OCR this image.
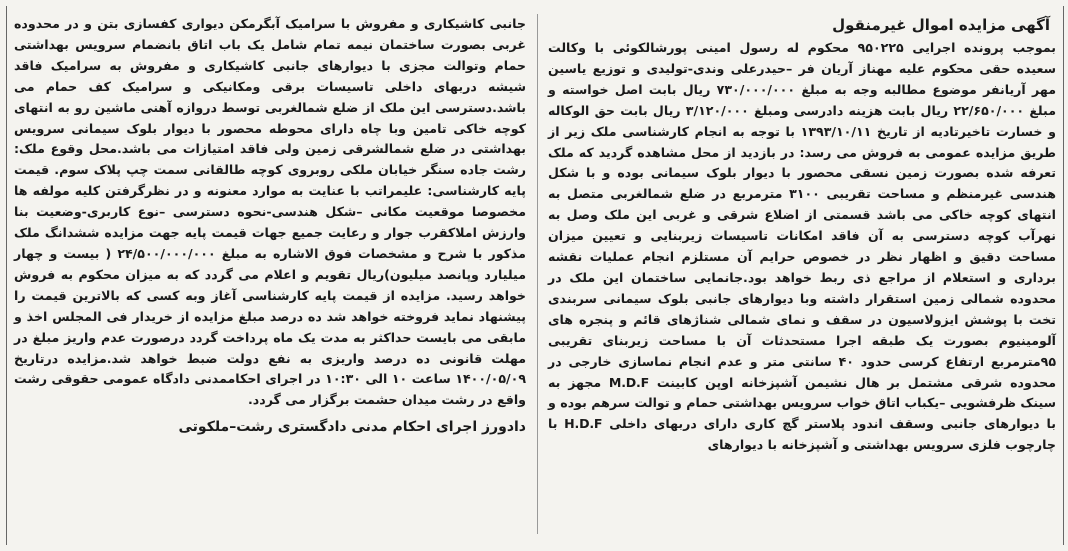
آگهی مزایده اموال غیرمنقول

بموجب پرونده اجرایی ۹۵۰۲۲۵ محکوم له رسول امینی پورشالکوئی با وکالت سعیده حقی محکوم علیه مهناز آریان فر –حیدرعلی وندی-تولیدی و توزیع یاسین مهر آریانفر موضوع مطالبه وجه به مبلغ ۷۳۰/۰۰۰/۰۰۰ ریال بابت اصل خواسته و مبلغ ۲۲/۶۵۰/۰۰۰ ریال بابت هزینه دادرسی ومبلغ ۳/۱۲۰/۰۰۰ ریال بابت حق الوکاله و خسارت تاخیرتادیه از تاریخ ۱۳۹۳/۱۰/۱۱ با توجه به انجام کارشناسی ملک زیر از طریق مزایده عمومی به فروش می رسد: در بازدید از محل مشاهده گردید که ملک تعرفه شده بصورت زمین نسقی محصور با دیوار بلوک سیمانی بوده و با شکل هندسی غیرمنظم و مساحت تقریبی ۳۱۰۰ مترمربع در ضلع شمالغربی متصل به انتهای کوچه خاکی می باشد قسمتی از اضلاع شرقی و غربی این ملک وصل به نهرآب کوچه دسترسی به آن فاقد امکانات تاسیسات زیربنایی و تعیین میزان مساحت دقیق و اظهار نظر در خصوص حرایم آن مستلزم انجام عملیات نقشه برداری و استعلام از مراجع ذی ربط خواهد بود.جانمایی ساختمان این ملک در محدوده شمالی زمین استقرار داشته وبا دیوارهای جانبی بلوک سیمانی سربندی تخت با پوشش ایزولاسیون در سقف و نمای شمالی شناژهای قائم و پنجره های آلومینیوم بصورت یک طبقه اجرا مستحدثات آن با مساحت زیربنای تقریبی ۹۵مترمربع ارتفاع کرسی حدود ۴۰ سانتی متر و عدم انجام نماسازی خارجی در محدوده شرقی مشتمل بر هال نشیمن آشپزخانه اوپن کابینت M.D.F مجهز به سینک ظرفشویی –یکباب اتاق خواب سرویس بهداشتی حمام و توالت سرهم بوده و با دیوارهای جانبی وسقف اندود پلاستر گچ کاری دارای دربهای داخلی H.D.F با چارچوب فلزی سرویس بهداشتی و آشپزخانه با دیوارهای

جانبی کاشیکاری و مفروش با سرامیک آبگرمکن دیواری کفسازی بتن و در محدوده غربی بصورت ساختمان نیمه تمام شامل یک باب اتاق بانضمام سرویس بهداشتی حمام وتوالت مجزی با دیوارهای جانبی کاشیکاری و مفروش به سرامیک فاقد شیشه دربهای داخلی تاسیسات برقی ومکانیکی و سرامیک کف حمام می باشد.دسترسی این ملک از ضلع شمالغربی توسط دروازه آهنی ماشین رو به انتهای کوچه خاکی تامین وبا چاه دارای محوطه محصور با دیوار بلوک سیمانی سرویس بهداشتی در ضلع شمالشرقی زمین ولی فاقد امتیازات می باشد.محل وقوع ملک: رشت جاده سنگر خیابان ملکی روبروی کوچه طالقانی سمت چپ پلاک سوم. قیمت پایه کارشناسی: علیمراتب با عنایت به موارد معنونه و در نظرگرفتن کلیه مولفه ها مخصوصا موقعیت مکانی –شکل هندسی-نحوه دسترسی –نوع کاربری-وضعیت بنا وارزش املاکقرب جوار و رعایت جمیع جهات قیمت پایه جهت مزایده ششدانگ ملک مذکور با شرح و مشخصات فوق الاشاره به مبلغ ۲۴/۵۰۰/۰۰۰/۰۰۰ ( بیست و چهار میلیارد وپانصد میلیون)ریال تقویم و اعلام می گردد که به میزان محکوم به فروش خواهد رسید. مزایده از قیمت پایه کارشناسی آغاز وبه کسی که بالاترین قیمت را پیشنهاد نماید فروخته خواهد شد ده درصد مبلغ مزایده از خریدار فی المجلس اخذ و مابقی می بایست حداکثر به مدت یک ماه پرداخت گردد درصورت عدم واریز مبلغ در مهلت قانونی ده درصد واریزی به نفع دولت ضبط خواهد شد.مزایده درتاریخ ۱۴۰۰/۰۵/۰۹ ساعت ۱۰ الی ۱۰:۳۰ در اجرای احکاممدنی دادگاه عمومی حقوقی رشت واقع در رشت میدان حشمت برگزار می گردد.

دادورز اجرای احکام مدنی دادگستری رشت–ملکوتی
